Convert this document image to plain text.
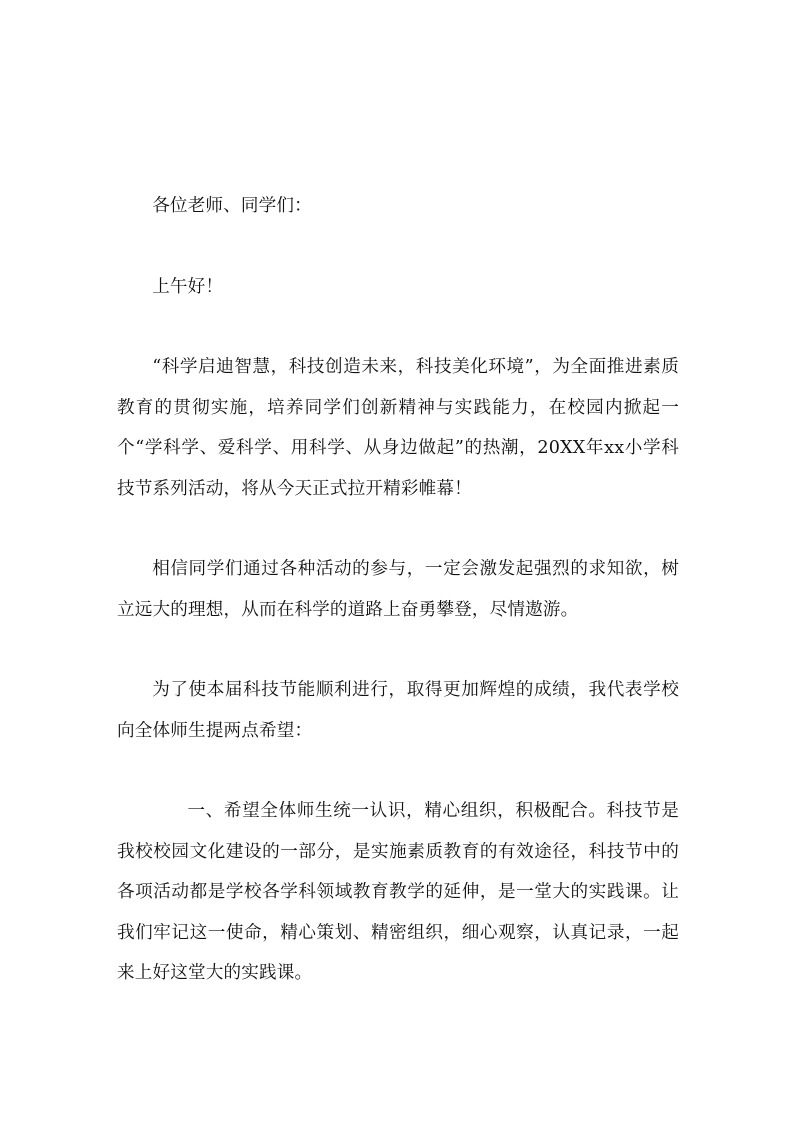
各位老师、同学们：

上午好！

“科学启迪智慧，科技创造未来，科技美化环境”，为全面推进素质教育的贯彻实施，培养同学们创新精神与实践能力，在校园内掀起一个“学科学、爱科学、用科学、从身边做起”的热潮，20XX年xx小学科技节系列活动，将从今天正式拉开精彩帷幕！

相信同学们通过各种活动的参与，一定会激发起强烈的求知欲，树立远大的理想，从而在科学的道路上奋勇攀登，尽情遨游。

为了使本届科技节能顺利进行，取得更加辉煌的成绩，我代表学校向全体师生提两点希望：

一、希望全体师生统一认识，精心组织，积极配合。科技节是我校校园文化建设的一部分，是实施素质教育的有效途径，科技节中的各项活动都是学校各学科领域教育教学的延伸，是一堂大的实践课。让我们牢记这一使命，精心策划、精密组织，细心观察，认真记录，一起来上好这堂大的实践课。
